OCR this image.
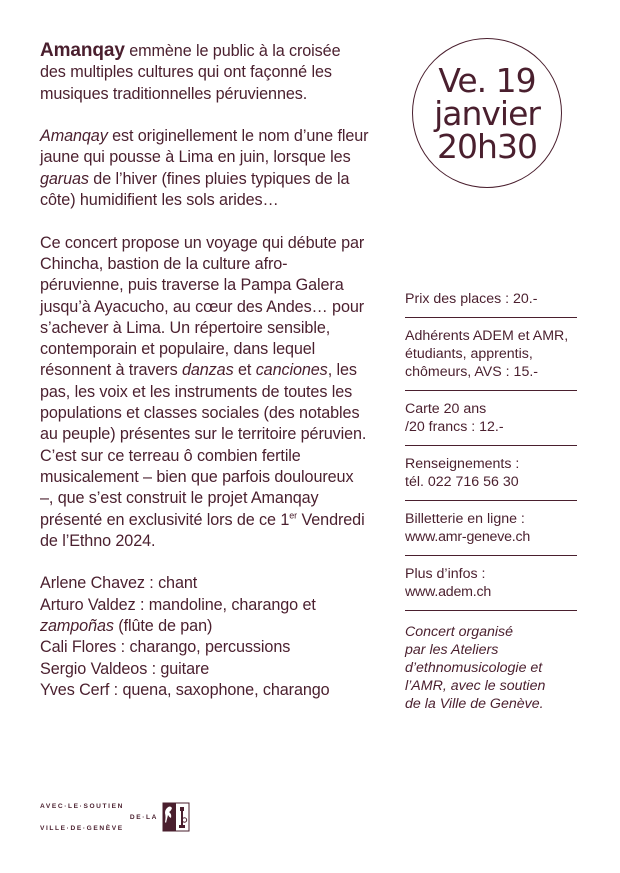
Amanqay emmène le public à la croisée des multiples cultures qui ont façonné les musiques traditionnelles péruviennes.

Amanqay est originellement le nom d’une fleur jaune qui pousse à Lima en juin, lorsque les garuas de l’hiver (fines pluies typiques de la côte) humidifient les sols arides…

Ce concert propose un voyage qui débute par Chincha, bastion de la culture afro-péruvienne, puis traverse la Pampa Galera jusqu’à Ayacucho, au cœur des Andes… pour s’achever à Lima. Un répertoire sensible, contemporain et populaire, dans lequel résonnent à travers danzas et canciones, les pas, les voix et les instruments de toutes les populations et classes sociales (des notables au peuple) présentes sur le territoire péruvien. C’est sur ce terreau ô combien fertile musicalement – bien que parfois douloureux –, que s’est construit le projet Amanqay présenté en exclusivité lors de ce 1er Vendredi de l’Ethno 2024.

Arlene Chavez : chant
Arturo Valdez : mandoline, charango et zampoñas (flûte de pan)
Cali Flores : charango, percussions
Sergio Valdeos : guitare
Yves Cerf : quena, saxophone, charango

Ve. 19
janvier
20h30
Prix des places : 20.-
Adhérents ADEM et AMR,
étudiants, apprentis,
chômeurs, AVS : 15.-
Carte 20 ans
/20 francs : 12.-
Renseignements :
tél. 022 716 56 30
Billetterie en ligne :
www.amr-geneve.ch
Plus d’infos :
www.adem.ch
Concert organisé
par les Ateliers
d’ethnomusicologie et
l’AMR, avec le soutien
de la Ville de Genève.
AVEC·LE·SOUTIEN
DE·LA
VILLE·DE·GENÈVE
